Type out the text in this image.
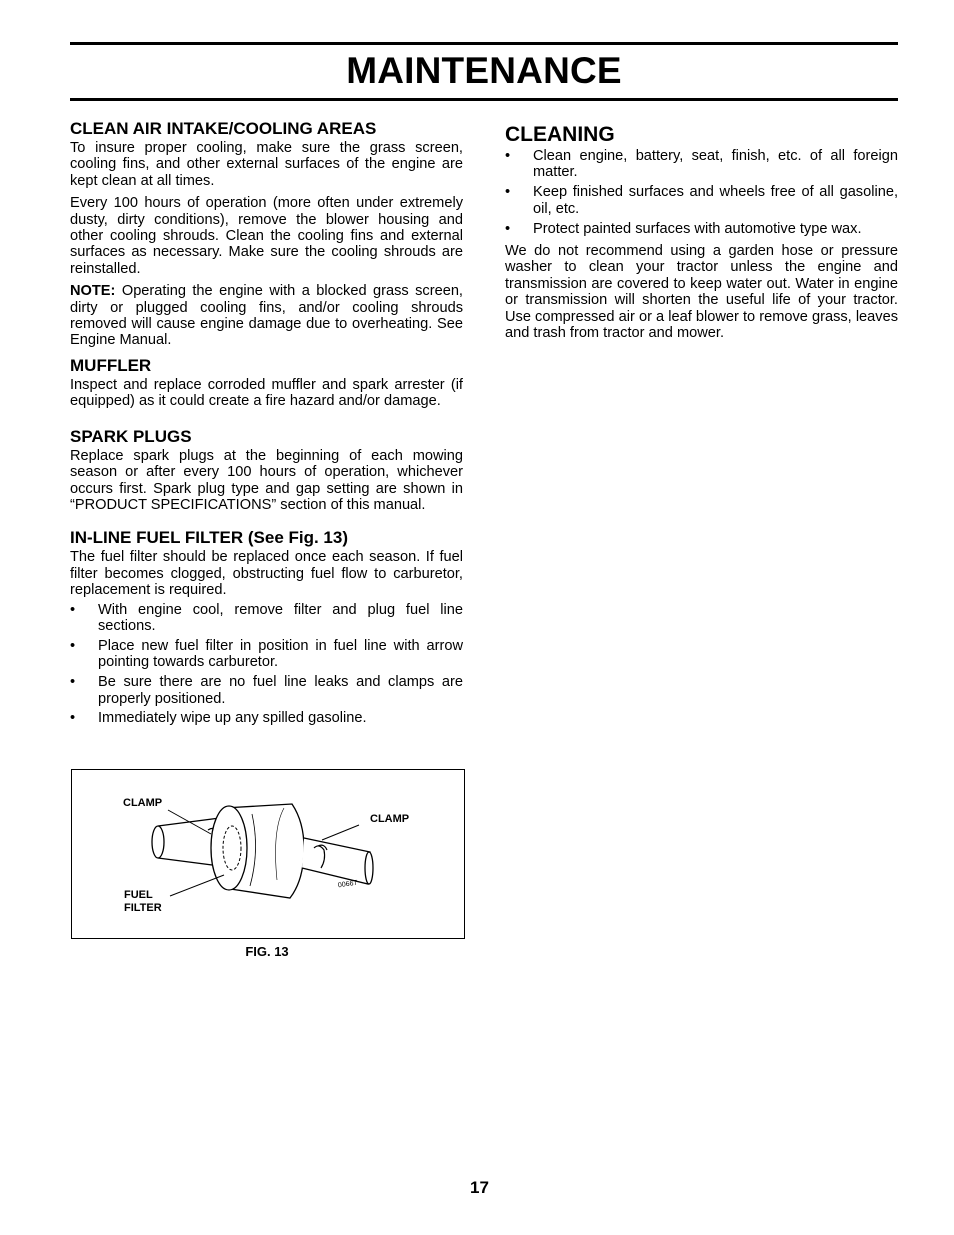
MAINTENANCE
CLEAN AIR INTAKE/COOLING AREAS

To insure proper cooling, make sure the grass screen, cooling fins, and other external surfaces of the engine are kept clean at all times.

Every 100 hours of operation (more often under extremely dusty, dirty conditions), remove the blower housing and other cooling shrouds. Clean the cooling fins and external surfaces as necessary. Make sure the cooling shrouds are reinstalled.

NOTE: Operating the engine with a blocked grass screen, dirty or plugged cooling fins, and/or cooling shrouds removed will cause engine damage due to overheating. See Engine Manual.

MUFFLER

Inspect and replace corroded muffler and spark arrester (if equipped) as it could create a fire hazard and/or damage.

SPARK PLUGS

Replace spark plugs at the beginning of each mowing season or after every 100 hours of operation, whichever occurs first. Spark plug type and gap setting are shown in “PRODUCT SPECIFICATIONS” section of this manual.

IN-LINE FUEL FILTER (See Fig. 13)

The fuel filter should be replaced once each season. If fuel filter becomes clogged, obstructing fuel flow to carburetor, replacement is required.

• With engine cool, remove filter and plug fuel line sections.
• Place new fuel filter in position in fuel line with arrow pointing towards carburetor.
• Be sure there are no fuel line leaks and clamps are properly positioned.
• Immediately wipe up any spilled gasoline.
CLAMP
CLAMP
FUEL
FILTER
00667
FIG. 13
CLEANING
• Clean engine, battery, seat, finish, etc. of all foreign matter.
• Keep finished surfaces and wheels free of all gasoline, oil, etc.
• Protect painted surfaces with automotive type wax.

We do not recommend using a garden hose or pressure washer to clean your tractor unless the engine and transmission are covered to keep water out. Water in engine or transmission will shorten the useful life of your tractor. Use compressed air or a leaf blower to remove grass, leaves and trash from tractor and mower.

17
